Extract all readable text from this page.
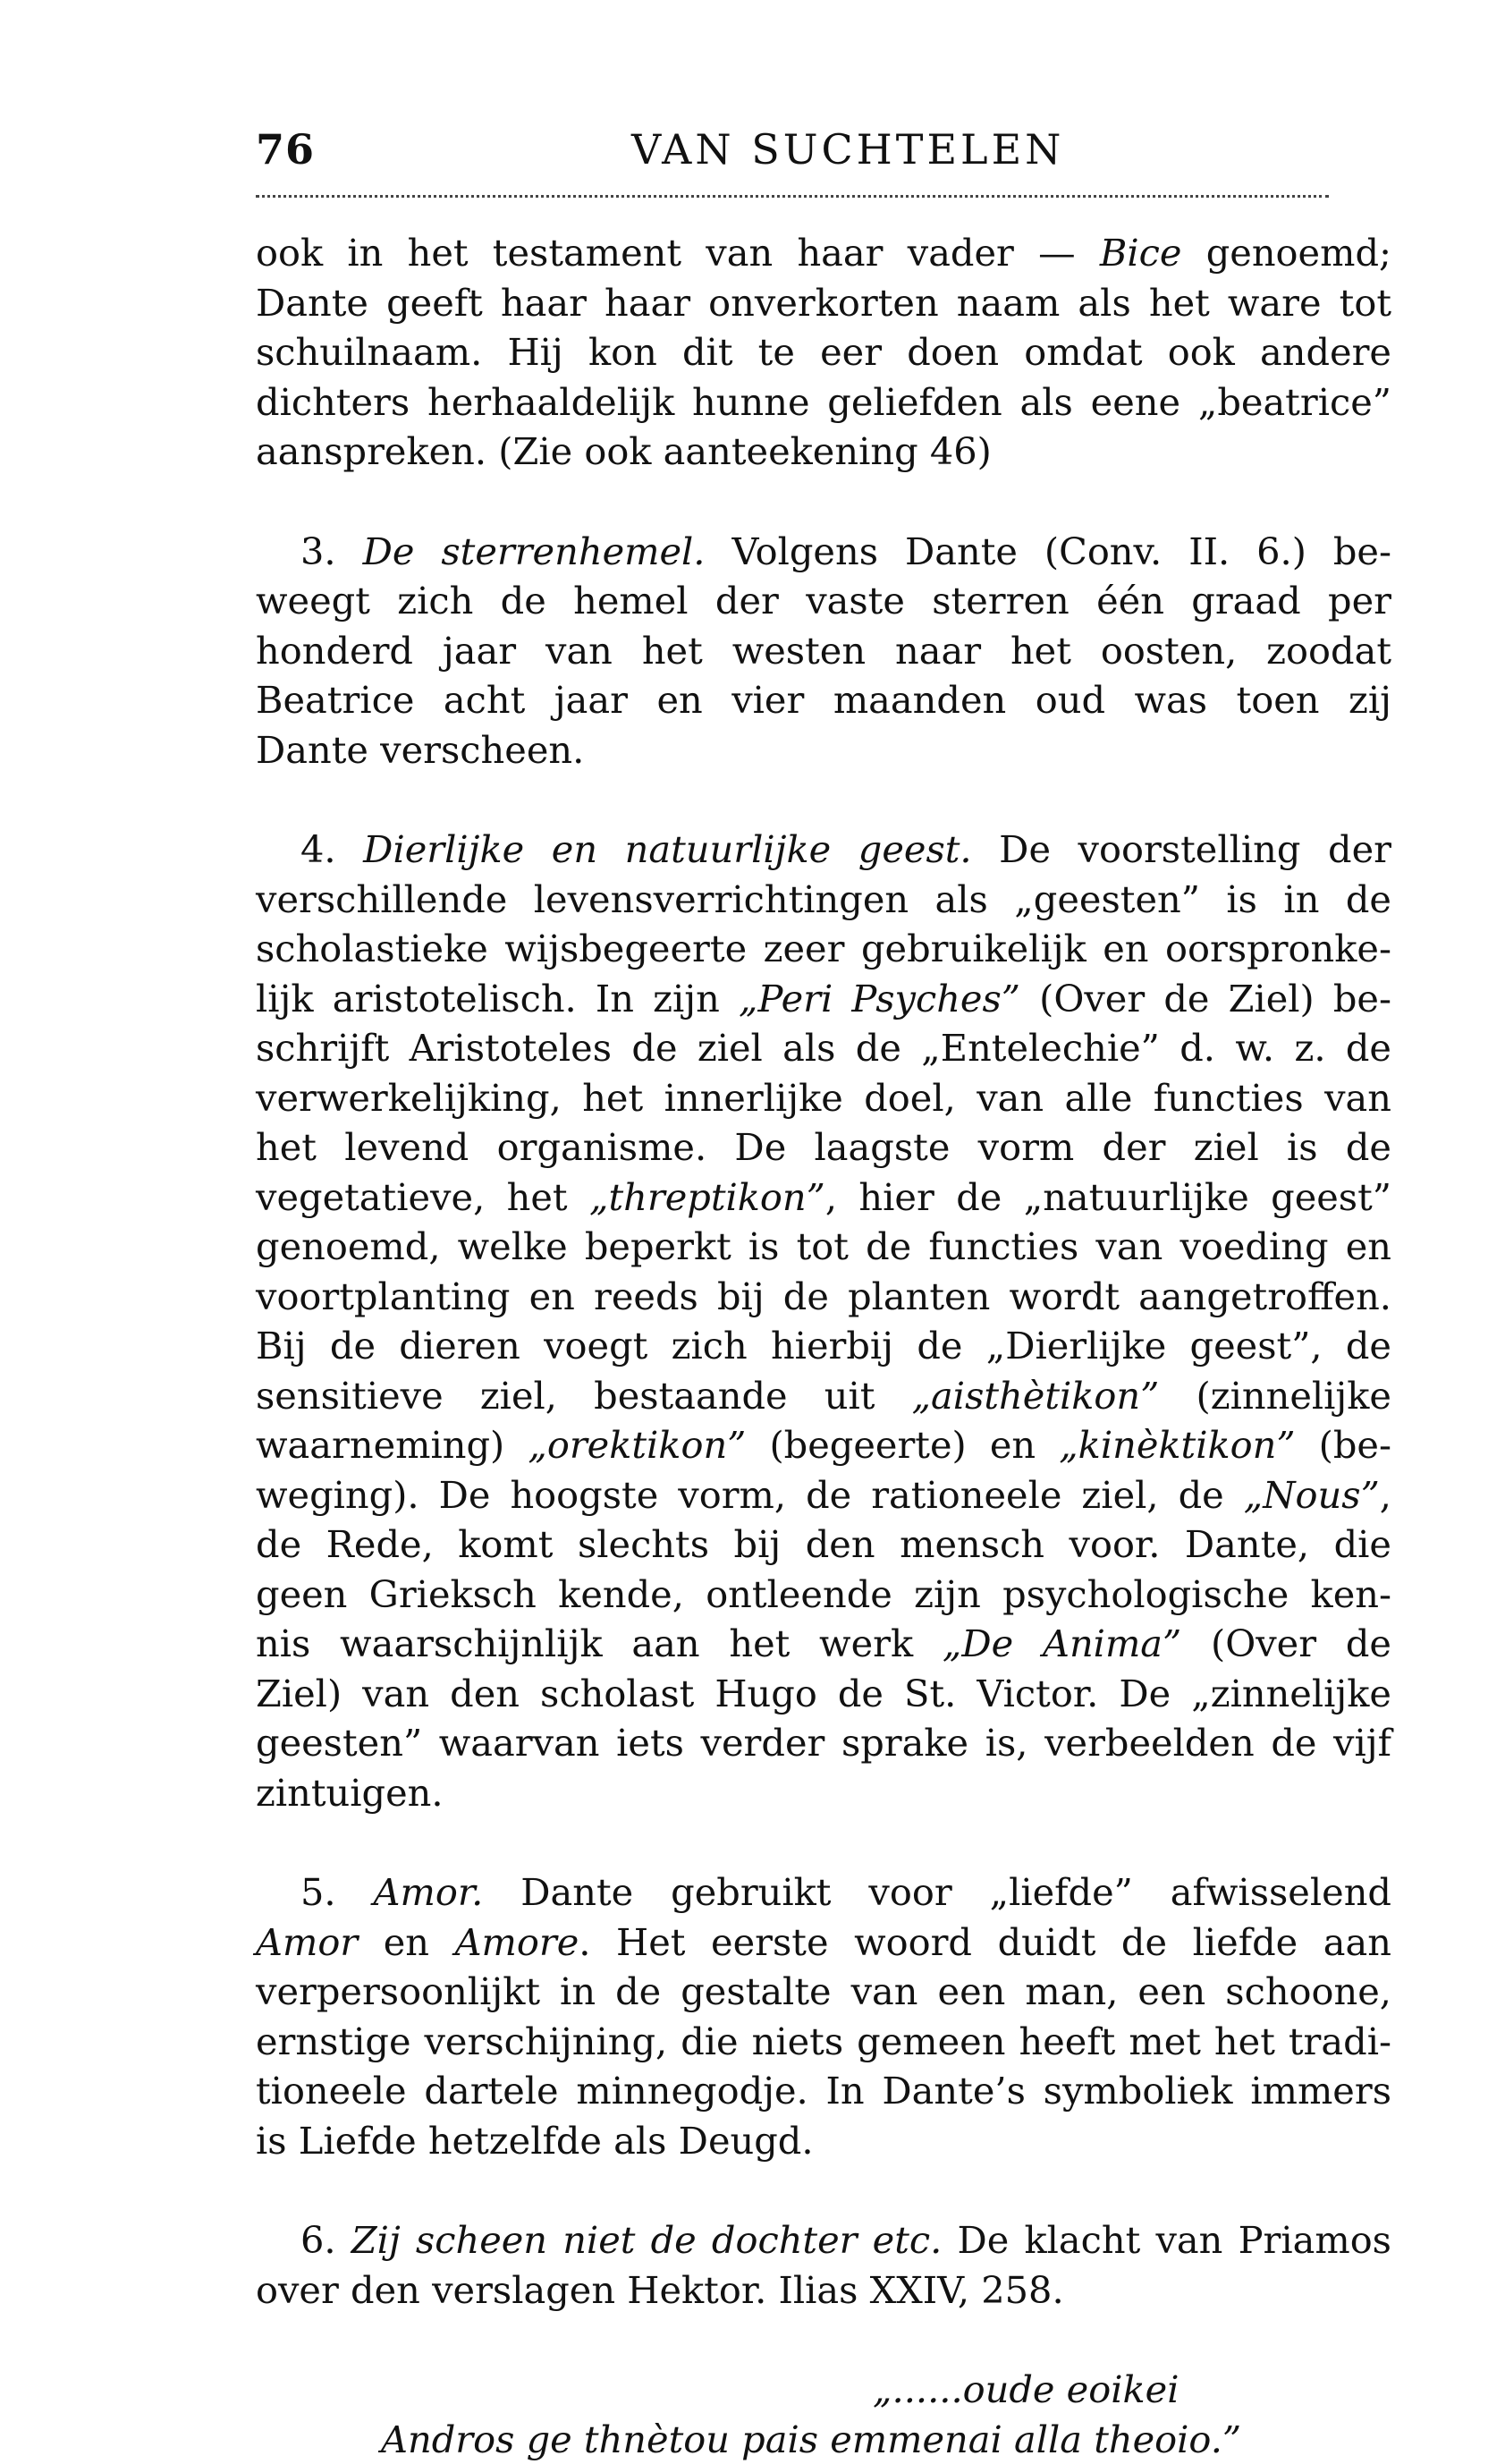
76	VAN SUCHTELEN
ook in het testament van haar vader — Bice genoemd;
Dante geeft haar haar onverkorten naam als het ware tot
schuilnaam. Hij kon dit te eer doen omdat ook andere
dichters herhaaldelijk hunne geliefden als eene „beatrice”
aanspreken. (Zie ook aanteekening 46)
3. De sterrenhemel. Volgens Dante (Conv. II. 6.) be-
weegt zich de hemel der vaste sterren één graad per
honderd jaar van het westen naar het oosten, zoodat
Beatrice acht jaar en vier maanden oud was toen zij
Dante verscheen.
4. Dierlijke en natuurlijke geest. De voorstelling der
verschillende levensverrichtingen als „geesten” is in de
scholastieke wijsbegeerte zeer gebruikelijk en oorspronke-
lijk aristotelisch. In zijn „Peri Psyches” (Over de Ziel) be-
schrijft Aristoteles de ziel als de „Entelechie” d. w. z. de
verwerkelijking, het innerlijke doel, van alle functies van
het levend organisme. De laagste vorm der ziel is de
vegetatieve, het „threptikon”, hier de „natuurlijke geest”
genoemd, welke beperkt is tot de functies van voeding en
voortplanting en reeds bij de planten wordt aangetroffen.
Bij de dieren voegt zich hierbij de „Dierlijke geest”, de
sensitieve ziel, bestaande uit „aisthètikon” (zinnelijke
waarneming) „orektikon” (begeerte) en „kinèktikon” (be-
weging). De hoogste vorm, de rationeele ziel, de „Nous”,
de Rede, komt slechts bij den mensch voor. Dante, die
geen Grieksch kende, ontleende zijn psychologische ken-
nis waarschijnlijk aan het werk „De Anima” (Over de
Ziel) van den scholast Hugo de St. Victor. De „zinnelijke
geesten” waarvan iets verder sprake is, verbeelden de vijf
zintuigen.
5. Amor. Dante gebruikt voor „liefde” afwisselend
Amor en Amore. Het eerste woord duidt de liefde aan
verpersoonlijkt in de gestalte van een man, een schoone,
ernstige verschijning, die niets gemeen heeft met het tradi-
tioneele dartele minnegodje. In Dante’s symboliek immers
is Liefde hetzelfde als Deugd.
6. Zij scheen niet de dochter etc. De klacht van Priamos
over den verslagen Hektor. Ilias XXIV, 258.
„......oude eoikei
Andros ge thnètou pais emmenai alla theoio.”
